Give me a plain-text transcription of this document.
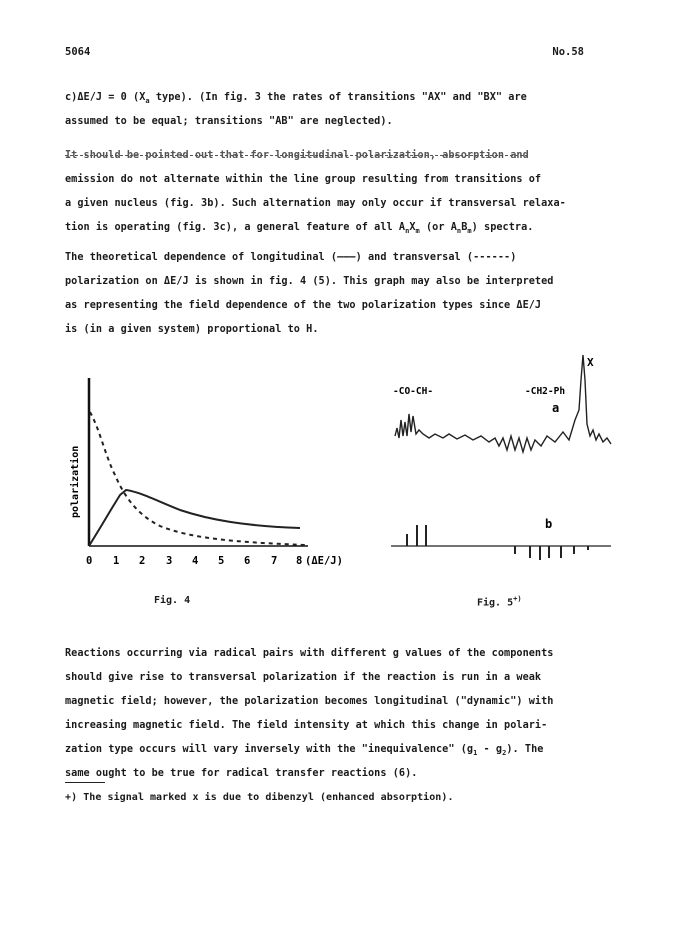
5064	No.58
c)ΔE/J = 0 ($X_a$ type). (In fig. 3 the rates of transitions "AX" and "BX" are
assumed to be equal; transitions "AB" are neglected).
It should be pointed out that for longitudinal polarization, absorption and
emission do not alternate within the line group resulting from transitions of
a given nucleus (fig. 3b). Such alternation may only occur if transversal relaxa-
tion is operating (fig. 3c), a general feature of all $A_nX_m$ (or $A_nB_m$) spectra.
The theoretical dependence of longitudinal (———) and transversal (------)
polarization on ΔE/J is shown in fig. 4 (5). This graph may also be interpreted
as representing the field dependence of the two polarization types since ΔE/J
is (in a given system) proportional to H.
polarization
0 1 2 3 4 5 6 7 8 (ΔE/J)
Fig. 4
-CO-CH-	-CH2-Ph
X
a
b
Fig. 5+)
Reactions occurring via radical pairs with different g values of the components
should give rise to transversal polarization if the reaction is run in a weak
magnetic field; however, the polarization becomes longitudinal ("dynamic") with
increasing magnetic field. The field intensity at which this change in polari-
zation type occurs will vary inversely with the "inequivalence" $(g_1 - g_2)$. The
same ought to be true for radical transfer reactions (6).
+) The signal marked x is due to dibenzyl (enhanced absorption).
